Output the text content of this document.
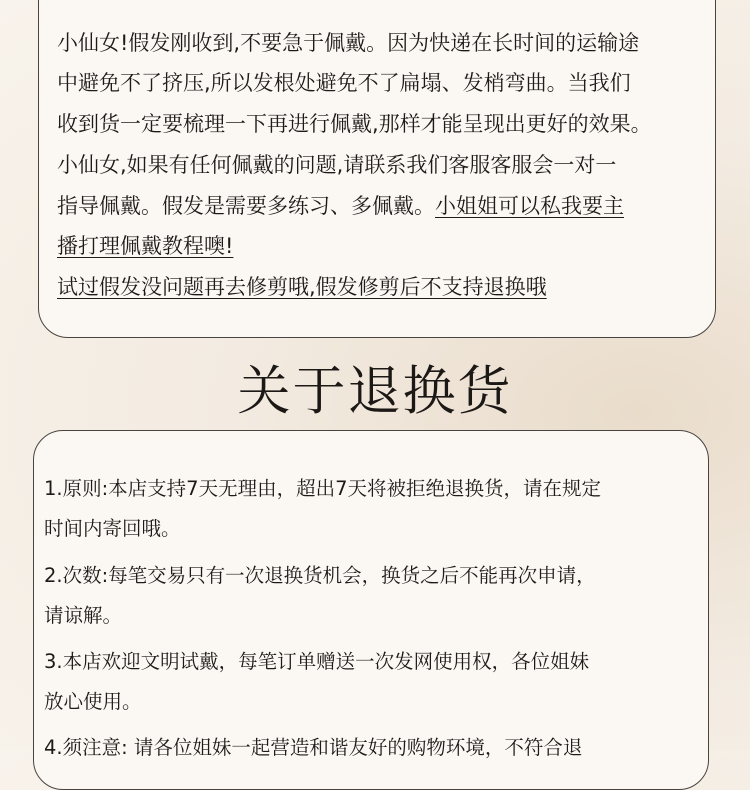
小仙女!假发刚收到,不要急于佩戴。因为快递在长时间的运输途
中避免不了挤压,所以发根处避免不了扁塌、发梢弯曲。当我们
收到货一定要梳理一下再进行佩戴,那样才能呈现出更好的效果。
小仙女,如果有任何佩戴的问题,请联系我们客服客服会一对一
指导佩戴。假发是需要多练习、多佩戴。小姐姐可以私我要主
播打理佩戴教程噢!
试过假发没问题再去修剪哦,假发修剪后不支持退换哦
关于退换货
1.原则:本店支持7天无理由，超出7天将被拒绝退换货，请在规定
时间内寄回哦。
2.次数:每笔交易只有一次退换货机会，换货之后不能再次申请，
请谅解。
3.本店欢迎文明试戴，每笔订单赠送一次发网使用权，各位姐妹
放心使用。
4.须注意: 请各位姐妹一起营造和谐友好的购物环境，不符合退
